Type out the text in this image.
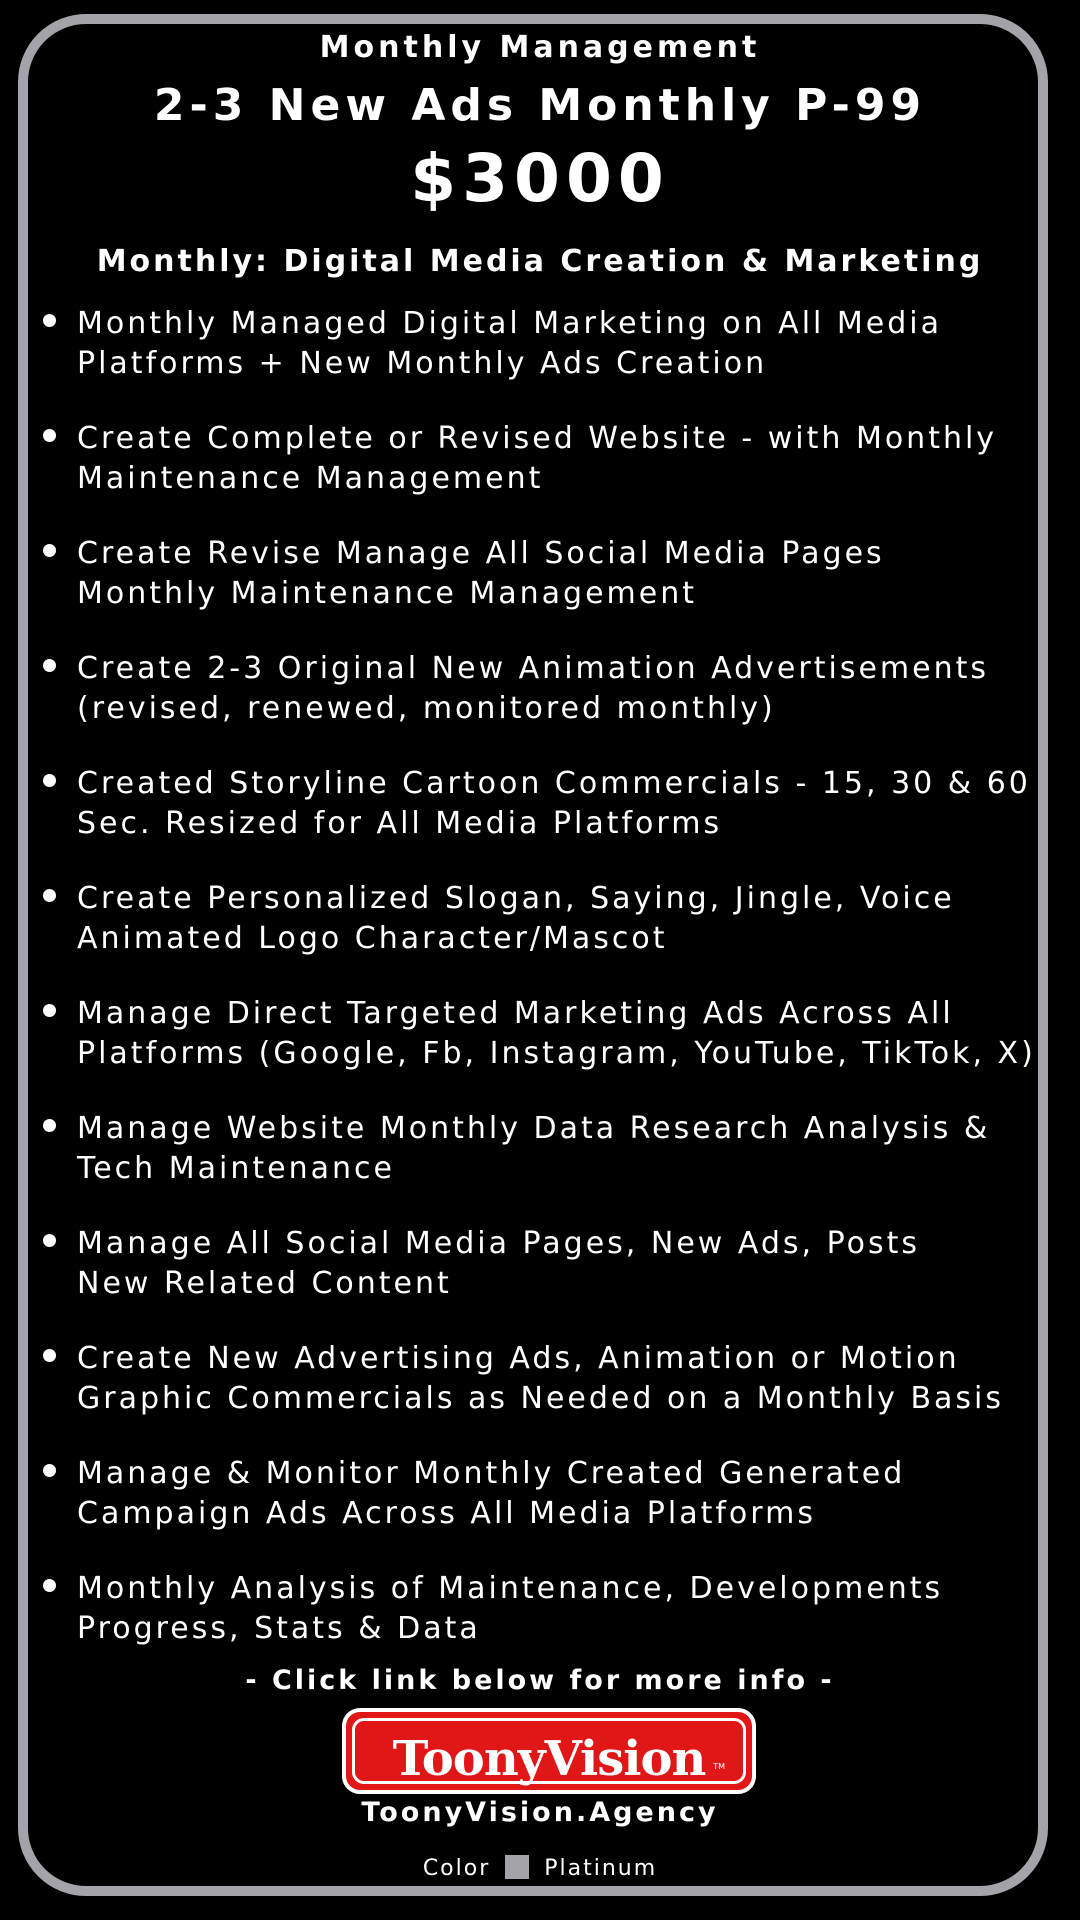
Monthly Management
2-3 New Ads Monthly P-99
$3000
Monthly: Digital Media Creation & Marketing
Monthly Managed Digital Marketing on All Media
Platforms + New Monthly Ads Creation
Create Complete or Revised Website - with Monthly
Maintenance Management
Create Revise Manage All Social Media Pages
Monthly Maintenance Management
Create 2-3 Original New Animation Advertisements
(revised, renewed, monitored monthly)
Created Storyline Cartoon Commercials - 15, 30 & 60
Sec. Resized for All Media Platforms
Create Personalized Slogan, Saying, Jingle, Voice
Animated Logo Character/Mascot
Manage Direct Targeted Marketing Ads Across All
Platforms (Google, Fb, Instagram, YouTube, TikTok, X)
Manage Website Monthly Data Research Analysis &
Tech Maintenance
Manage All Social Media Pages, New Ads, Posts
New Related Content
Create New Advertising Ads, Animation or Motion
Graphic Commercials as Needed on a Monthly Basis
Manage & Monitor Monthly Created Generated
Campaign Ads Across All Media Platforms
Monthly Analysis of Maintenance, Developments
Progress, Stats & Data
- Click link below for more info -
ToonyVision TM
ToonyVision.Agency
Color Platinum
